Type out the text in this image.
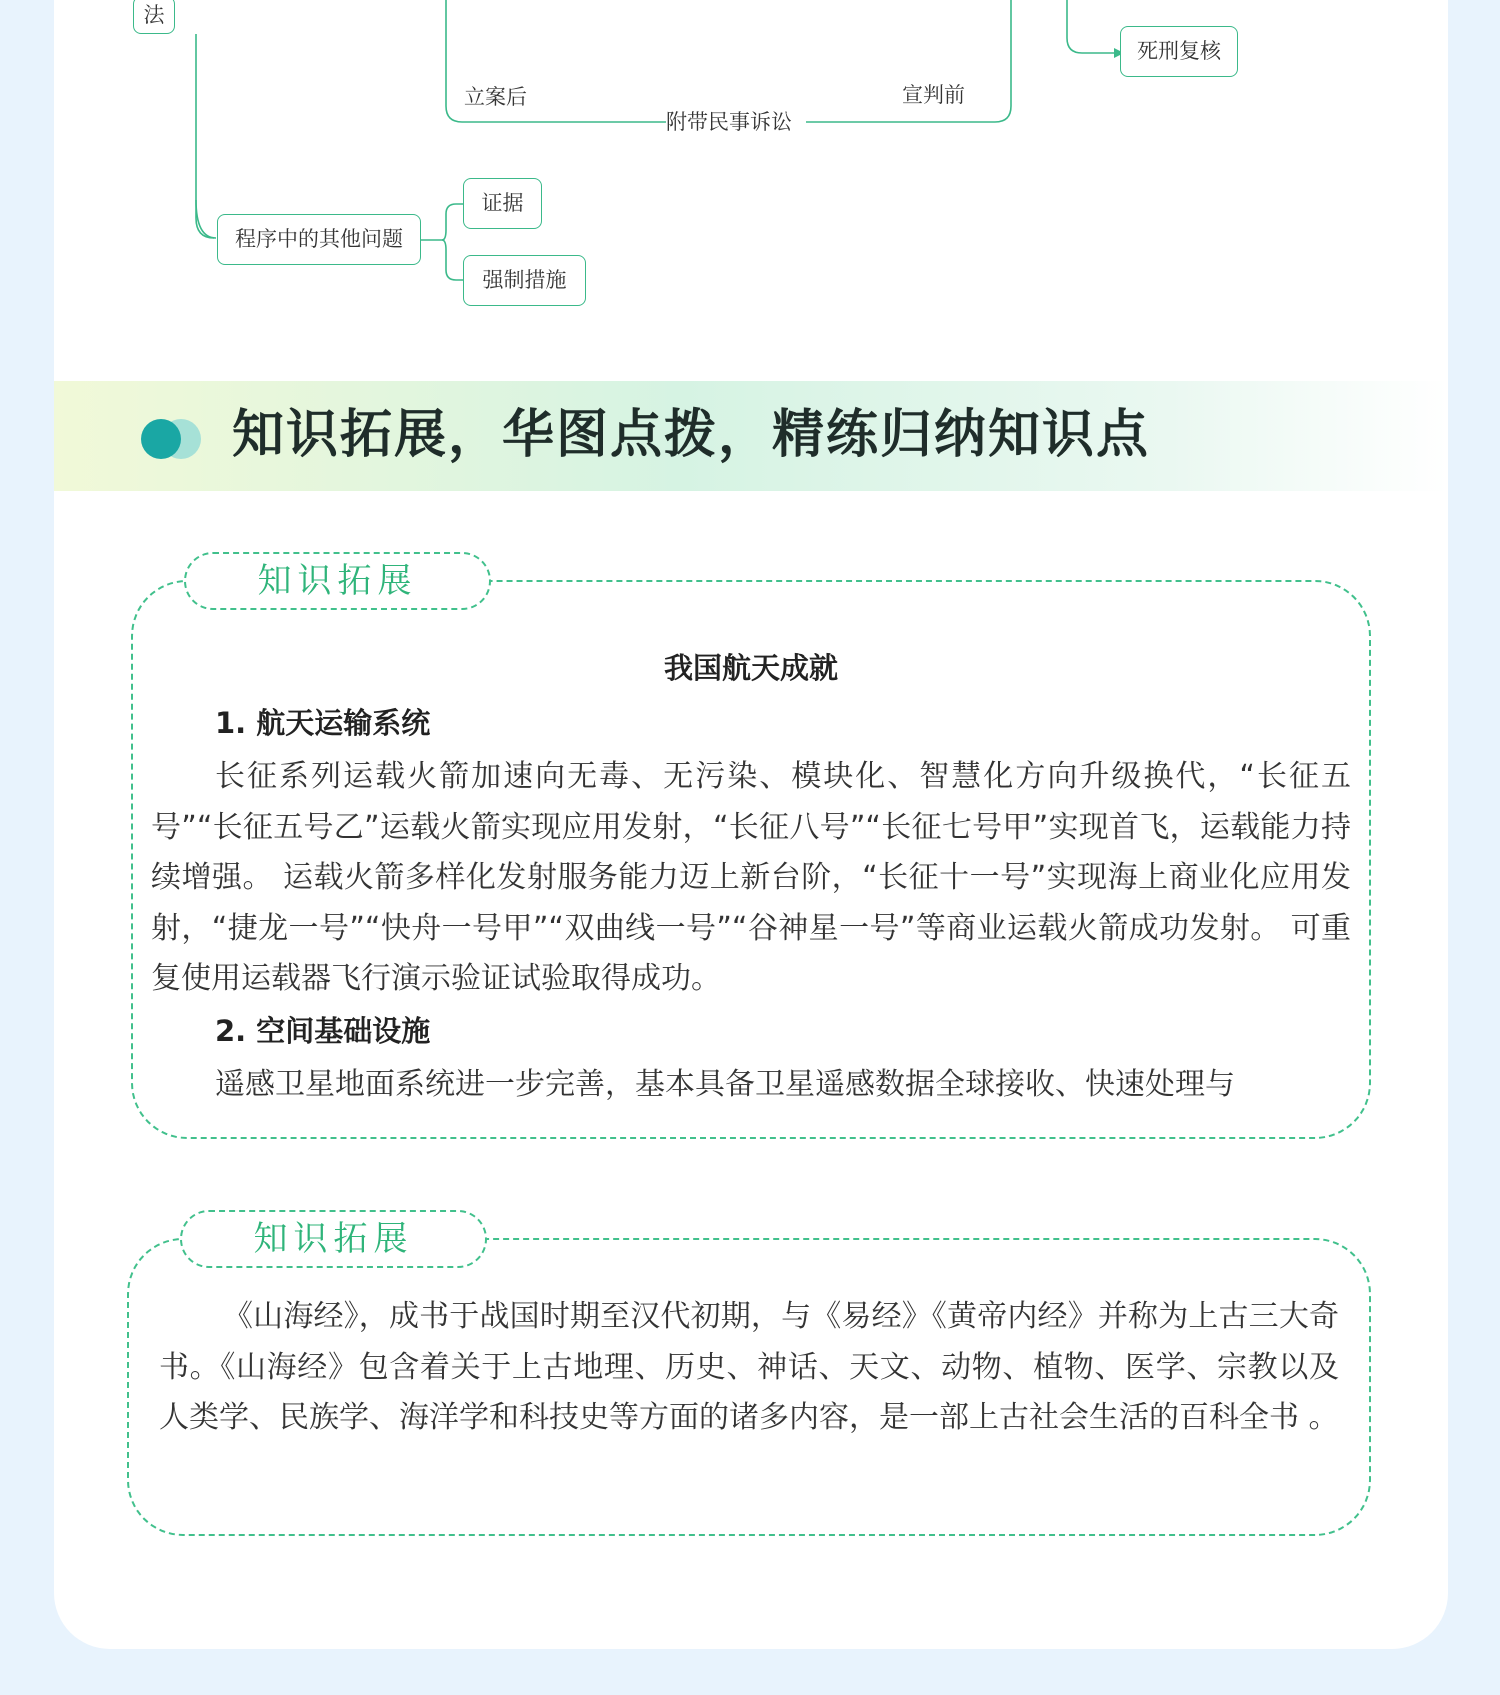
法
死刑复核
立案后	宣判前
附带民事诉讼
程序中的其他问题
证据
强制措施
知识拓展，华图点拨，精练归纳知识点
知识拓展
我国航天成就
1. 航天运输系统

长征系列运载火箭加速向无毒、无污染、模块化、智慧化方向升级换代，“长征五号”“长征五号乙”运载火箭实现应用发射，“长征八号”“长征七号甲”实现首飞，运载能力持续增强。 运载火箭多样化发射服务能力迈上新台阶，“长征十一号”实现海上商业化应用发射，“捷龙一号”“快舟一号甲”“双曲线一号”“谷神星一号”等商业运载火箭成功发射。 可重复使用运载器飞行演示验证试验取得成功。

2. 空间基础设施

遥感卫星地面系统进一步完善，基本具备卫星遥感数据全球接收、快速处理与

知识拓展

《山海经》，成书于战国时期至汉代初期，与《易经》《黄帝内经》并称为上古三大奇书。《山海经》包含着关于上古地理、历史、神话、天文、动物、植物、医学、宗教以及人类学、民族学、海洋学和科技史等方面的诸多内容，是一部上古社会生活的百科全书 。
